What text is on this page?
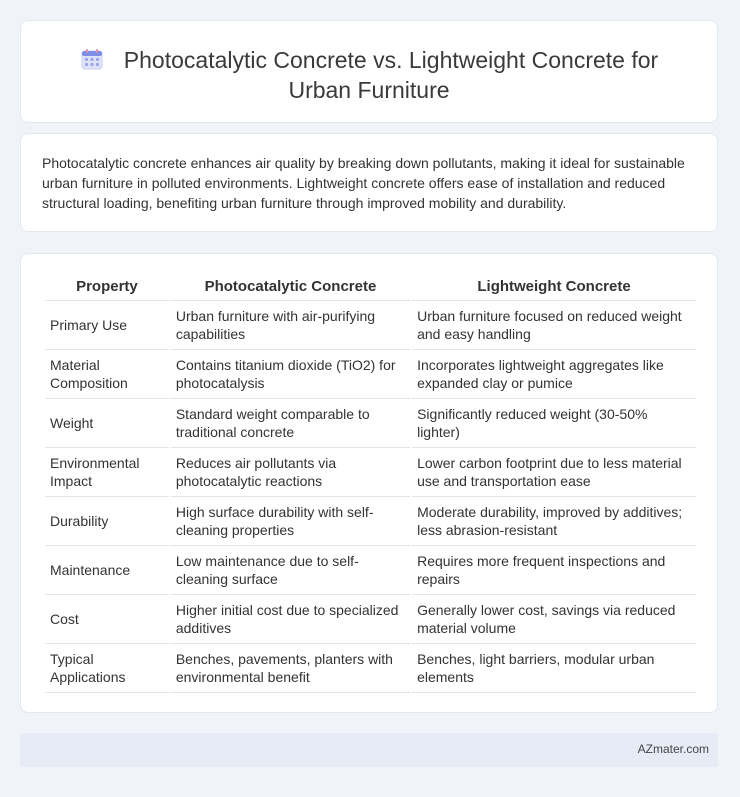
Photocatalytic Concrete vs. Lightweight Concrete for
Urban Furniture

Photocatalytic concrete enhances air quality by breaking down pollutants, making it ideal for sustainable urban furniture in polluted environments. Lightweight concrete offers ease of installation and reduced structural loading, benefiting urban furniture through improved mobility and durability.

Property	Photocatalytic Concrete	Lightweight Concrete
Primary Use	Urban furniture with air-purifying capabilities	Urban furniture focused on reduced weight and easy handling
Material Composition	Contains titanium dioxide (TiO2) for photocatalysis	Incorporates lightweight aggregates like expanded clay or pumice
Weight	Standard weight comparable to traditional concrete	Significantly reduced weight (30-50% lighter)
Environmental Impact	Reduces air pollutants via photocatalytic reactions	Lower carbon footprint due to less material use and transportation ease
Durability	High surface durability with self-cleaning properties	Moderate durability, improved by additives; less abrasion-resistant
Maintenance	Low maintenance due to self-cleaning surface	Requires more frequent inspections and repairs
Cost	Higher initial cost due to specialized additives	Generally lower cost, savings via reduced material volume
Typical Applications	Benches, pavements, planters with environmental benefit	Benches, light barriers, modular urban elements
AZmater.com
